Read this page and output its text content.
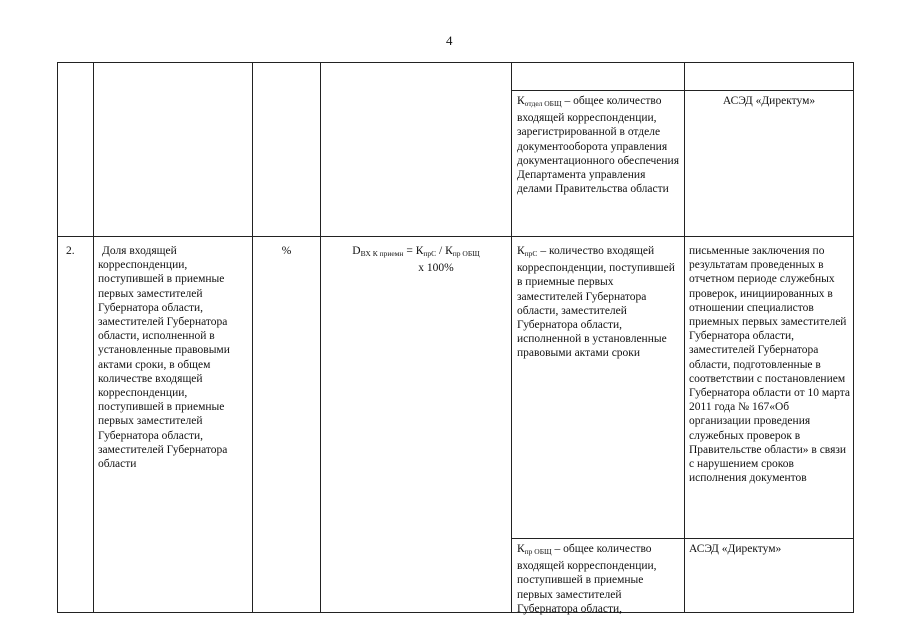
4
$К_{отдел ОБЩ}$ – общее количество входящей корреспонденции, зарегистрированной в отделе документооборота управления документационного обеспечения Департамента управления делами Правительства области
АСЭД «Директум»
2.	Доля входящей корреспонденции, поступившей в приемные первых заместителей Губернатора области, заместителей Губернатора области, исполненной в установленные правовыми актами сроки, в общем количестве входящей корреспонденции, поступившей в приемные первых заместителей Губернатора области, заместителей Губернатора области
%	$D_{ВХ К приемн} = К_{прС} / К_{пр ОБЩ}$
х 100%
$К_{прС}$ – количество входящей корреспонденции, поступившей в приемные первых заместителей Губернатора области, заместителей Губернатора области, исполненной в установленные правовыми актами сроки
письменные заключения по результатам проведенных в отчетном периоде служебных проверок, инициированных в отношении специалистов приемных первых заместителей Губернатора области, заместителей Губернатора области, подготовленные в соответствии с постановлением Губернатора области от 10 марта 2011 года № 167«Об организации проведения служебных проверок в Правительстве области» в связи с нарушением сроков исполнения документов
$К_{пр ОБЩ}$ – общее количество входящей корреспонденции, поступившей в приемные первых заместителей Губернатора области,
АСЭД «Директум»
